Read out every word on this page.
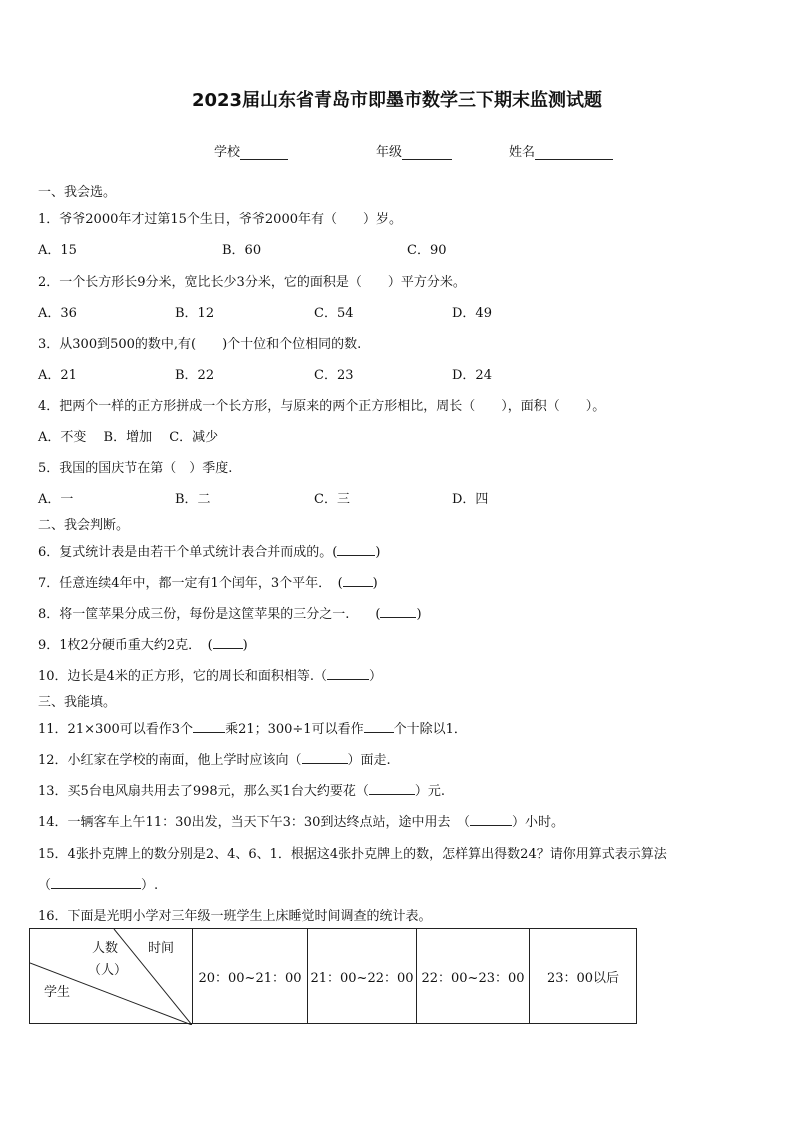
2023届山东省青岛市即墨市数学三下期末监测试题
学校	年级	姓名
一、我会选。
1．爷爷2000年才过第15个生日，爷爷2000年有（　　）岁。
A．15	B．60	C．90
2．一个长方形长9分米，宽比长少3分米，它的面积是（　　）平方分米。
A．36	B．12	C．54	D．49
3．从300到500的数中,有(　　)个十位和个位相同的数.
A．21	B．22	C．23	D．24
4．把两个一样的正方形拼成一个长方形，与原来的两个正方形相比，周长（　　），面积（　　）。
A．不变　 B．增加　 C．减少
5．我国的国庆节在第（　）季度.
A．一	B．二	C．三	D．四
二、我会判断。
6．复式统计表是由若干个单式统计表合并而成的。(	)
7．任意连续4年中，都一定有1个闰年，3个平年．　( )
8．将一筐苹果分成三份，每份是这筐苹果的三分之一.　　(	)
9．1枚2分硬币重大约2克．　( )
10．边长是4米的正方形，它的周长和面积相等.（	）
三、我能填。
11．21×300可以看作3个 乘21；300÷1可以看作 个十除以1．
12．小红家在学校的南面，他上学时应该向（	）面走.
13．买5台电风扇共用去了998元，那么买1台大约要花（	）元.
14．一辆客车上午11：30出发，当天下午3：30到达终点站，途中用去　（	）小时。
15．4张扑克牌上的数分别是2、4、6、1．根据这4张扑克牌上的数，怎样算出得数24？请你用算式表示算法
（	）.
16．下面是光明小学对三年级一班学生上床睡觉时间调查的统计表。
人数
（人）
时间
学生
	20：00~21：00	21：00~22：00	22：00~23：00	23：00以后
